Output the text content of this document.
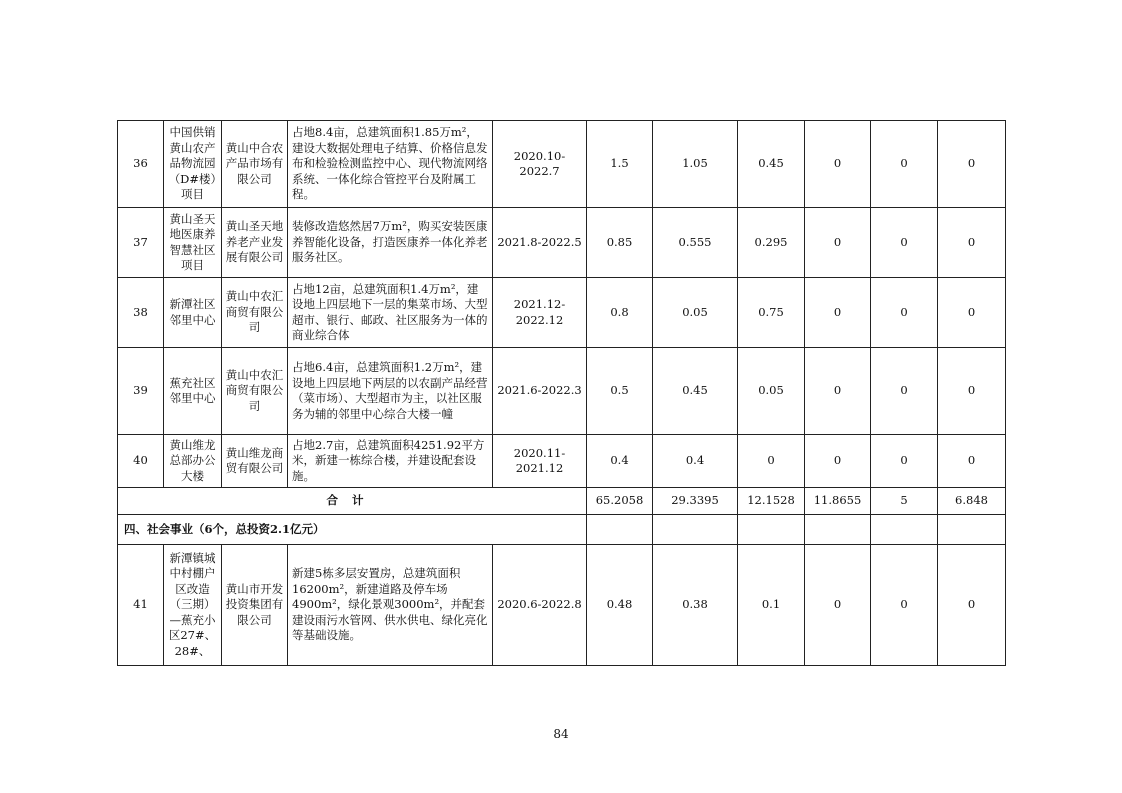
36	中国供销黄山农产品物流园（D#楼）项目	黄山中合农产品市场有限公司	占地8.4亩，总建筑面积1.85万m²，建设大数据处理电子结算、价格信息发布和检验检测监控中心、现代物流网络系统、一体化综合管控平台及附属工程。	2020.10-2022.7	1.5	1.05	0.45	0	0	0
37	黄山圣天地医康养智慧社区项目	黄山圣天地养老产业发展有限公司	装修改造悠然居7万m²，购买安装医康养智能化设备，打造医康养一体化养老服务社区。	2021.8-2022.5	0.85	0.555	0.295	0	0	0
38	新潭社区邻里中心	黄山中农汇商贸有限公司	占地12亩，总建筑面积1.4万m²，建设地上四层地下一层的集菜市场、大型超市、银行、邮政、社区服务为一体的商业综合体	2021.12-2022.12	0.8	0.05	0.75	0	0	0
39	蕉充社区邻里中心	黄山中农汇商贸有限公司	占地6.4亩，总建筑面积1.2万m²，建设地上四层地下两层的以农副产品经营（菜市场）、大型超市为主，以社区服务为辅的邻里中心综合大楼一幢	2021.6-2022.3	0.5	0.45	0.05	0	0	0
40	黄山维龙总部办公大楼	黄山维龙商贸有限公司	占地2.7亩，总建筑面积4251.92平方米，新建一栋综合楼，并建设配套设施。	2020.11-2021.12	0.4	0.4	0	0	0	0
合计					65.2058	29.3395	12.1528	11.8655	5	6.848
四、社会事业（6个，总投资2.1亿元）										
41	新潭镇城中村棚户区改造（三期）—蕉充小区27#、28#、	黄山市开发投资集团有限公司	新建5栋多层安置房，总建筑面积16200m²，新建道路及停车场4900m²，绿化景观3000m²，并配套建设雨污水管网、供水供电、绿化亮化等基础设施。	2020.6-2022.8	0.48	0.38	0.1	0	0	0
84
